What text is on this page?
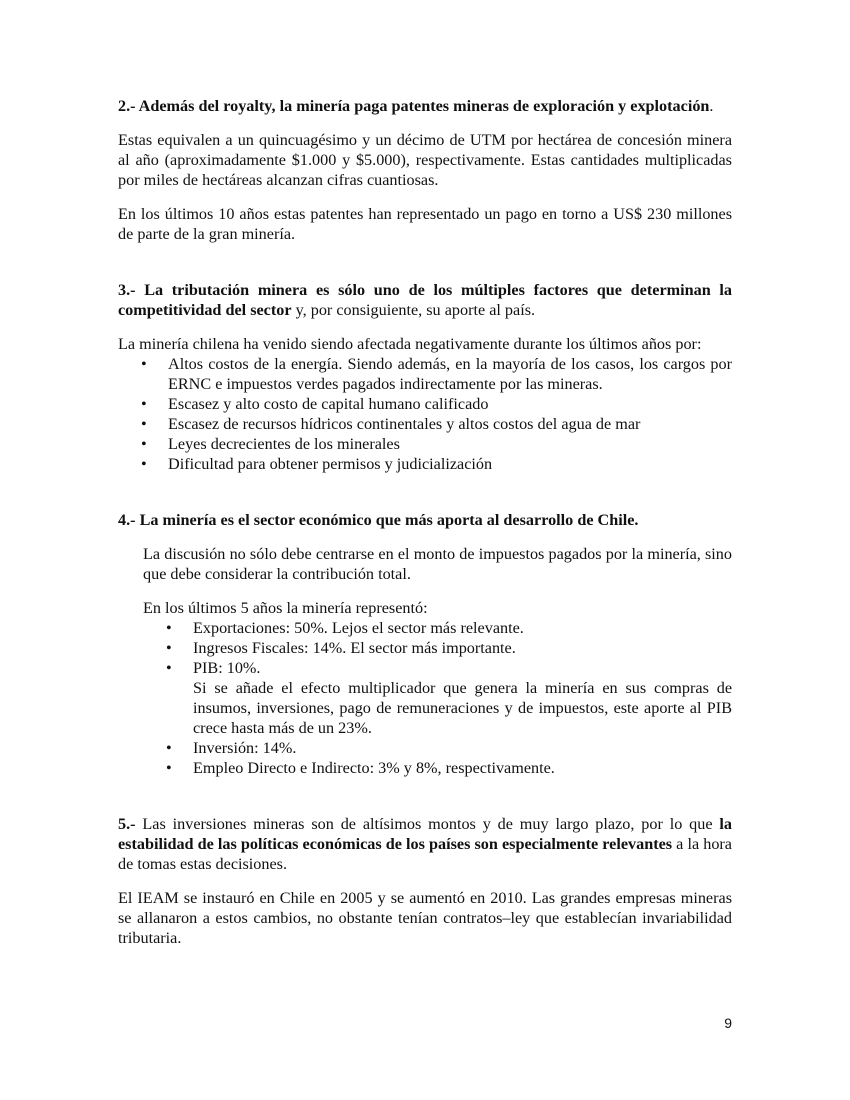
2.- Además del royalty, la minería paga patentes mineras de exploración y explotación.

Estas equivalen a un quincuagésimo y un décimo de UTM por hectárea de concesión minera al año (aproximadamente $1.000 y $5.000), respectivamente. Estas cantidades multiplicadas por miles de hectáreas alcanzan cifras cuantiosas.

En los últimos 10 años estas patentes han representado un pago en torno a US$ 230 millones de parte de la gran minería.

3.- La tributación minera es sólo uno de los múltiples factores que determinan la competitividad del sector y, por consiguiente, su aporte al país.

La minería chilena ha venido siendo afectada negativamente durante los últimos años por:

• Altos costos de la energía. Siendo además, en la mayoría de los casos, los cargos por ERNC e impuestos verdes pagados indirectamente por las mineras.
• Escasez y alto costo de capital humano calificado
• Escasez de recursos hídricos continentales y altos costos del agua de mar
• Leyes decrecientes de los minerales
• Dificultad para obtener permisos y judicialización

4.- La minería es el sector económico que más aporta al desarrollo de Chile.

La discusión no sólo debe centrarse en el monto de impuestos pagados por la minería, sino que debe considerar la contribución total.

En los últimos 5 años la minería representó:

• Exportaciones: 50%. Lejos el sector más relevante.
• Ingresos Fiscales: 14%. El sector más importante.
• PIB: 10%.
Si se añade el efecto multiplicador que genera la minería en sus compras de insumos, inversiones, pago de remuneraciones y de impuestos, este aporte al PIB crece hasta más de un 23%.
• Inversión: 14%.
• Empleo Directo e Indirecto: 3% y 8%, respectivamente.

5.- Las inversiones mineras son de altísimos montos y de muy largo plazo, por lo que la estabilidad de las políticas económicas de los países son especialmente relevantes a la hora de tomas estas decisiones.

El IEAM se instauró en Chile en 2005 y se aumentó en 2010. Las grandes empresas mineras se allanaron a estos cambios, no obstante tenían contratos–ley que establecían invariabilidad tributaria.

9
